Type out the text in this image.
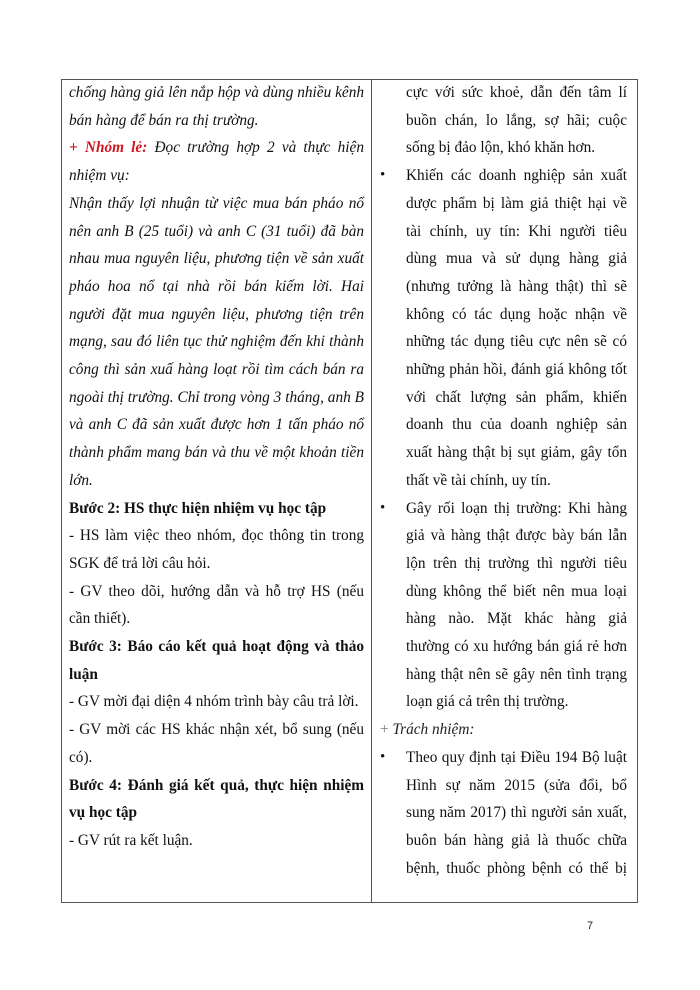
chống hàng giả lên nắp hộp và dùng nhiều kênh bán hàng để bán ra thị trường.

+ Nhóm lẻ: Đọc trường hợp 2 và thực hiện nhiệm vụ:

Nhận thấy lợi nhuận từ việc mua bán pháo nổ nên anh B (25 tuổi) và anh C (31 tuổi) đã bàn nhau mua nguyên liệu, phương tiện về sản xuất pháo hoa nổ tại nhà rồi bán kiếm lời. Hai người đặt mua nguyên liệu, phương tiện trên mạng, sau đó liên tục thử nghiệm đến khi thành công thì sản xuấ hàng loạt rồi tìm cách bán ra ngoài thị trường. Chỉ trong vòng 3 tháng, anh B và anh C đã sản xuất được hơn 1 tấn pháo nổ thành phẩm mang bán và thu về một khoản tiền lớn.

Bước 2: HS thực hiện nhiệm vụ học tập

- HS làm việc theo nhóm, đọc thông tin trong SGK để trả lời câu hỏi.

- GV theo dõi, hướng dẫn và hỗ trợ HS (nếu cần thiết).

Bước 3: Báo cáo kết quả hoạt động và thảo luận

- GV mời đại diện 4 nhóm trình bày câu trả lời.

- GV mời các HS khác nhận xét, bổ sung (nếu có).

Bước 4: Đánh giá kết quả, thực hiện nhiệm vụ học tập

- GV rút ra kết luận.

cực với sức khoẻ, dẫn đến tâm lí buồn chán, lo lắng, sợ hãi; cuộc sống bị đảo lộn, khó khăn hơn.

•	Khiến các doanh nghiệp sản xuất dược phẩm bị làm giả thiệt hại về tài chính, uy tín: Khi người tiêu dùng mua và sử dụng hàng giả (nhưng tưởng là hàng thật) thì sẽ không có tác dụng hoặc nhận về những tác dụng tiêu cực nên sẽ có những phản hồi, đánh giá không tốt với chất lượng sản phẩm, khiến doanh thu của doanh nghiệp sản xuất hàng thật bị sụt giảm, gây tổn thất về tài chính, uy tín.

•	Gây rối loạn thị trường: Khi hàng giả và hàng thật được bày bán lẫn lộn trên thị trường thì người tiêu dùng không thể biết nên mua loại hàng nào. Mặt khác hàng giả thường có xu hướng bán giá rẻ hơn hàng thật nên sẽ gây nên tình trạng loạn giá cả trên thị trường.

+ Trách nhiệm:

•	Theo quy định tại Điều 194 Bộ luật Hình sự năm 2015 (sửa đổi, bổ sung năm 2017) thì người sản xuất, buôn bán hàng giả là thuốc chữa bệnh, thuốc phòng bệnh có thể bị

7
